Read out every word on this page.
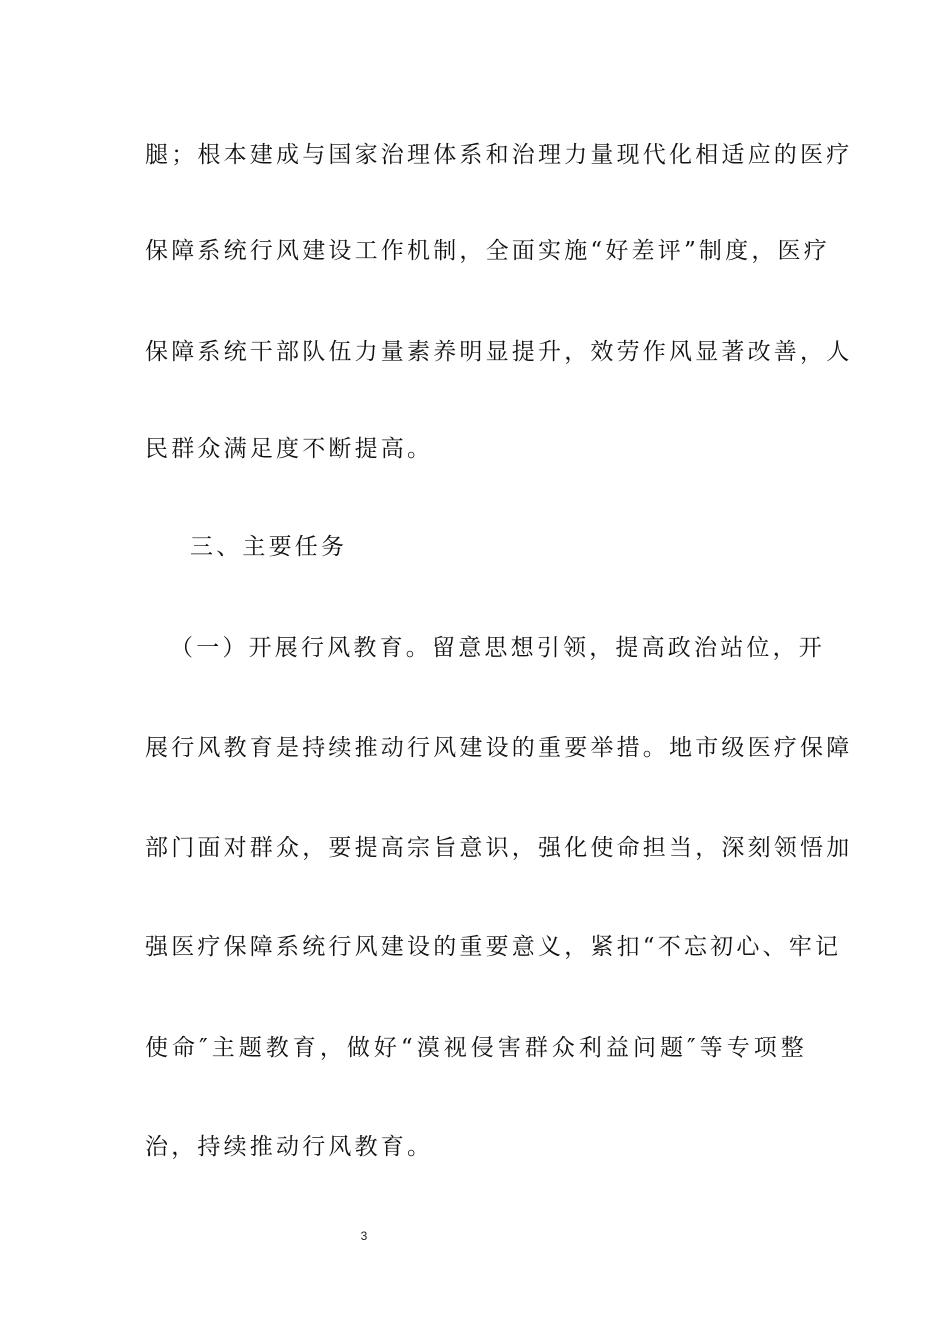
腿；根本建成与国家治理体系和治理力量现代化相适应的医疗
保障系统行风建设工作机制，全面实施“好差评”制度，医疗
保障系统干部队伍力量素养明显提升，效劳作风显著改善，人
民群众满足度不断提高。
三、主要任务
（一）开展行风教育。留意思想引领，提高政治站位，开
展行风教育是持续推动行风建设的重要举措。地市级医疗保障
部门面对群众，要提高宗旨意识，强化使命担当，深刻领悟加
强医疗保障系统行风建设的重要意义，紧扣“不忘初心、牢记
使命″主题教育，做好“漠视侵害群众利益问题″等专项整
治，持续推动行风教育。
3
